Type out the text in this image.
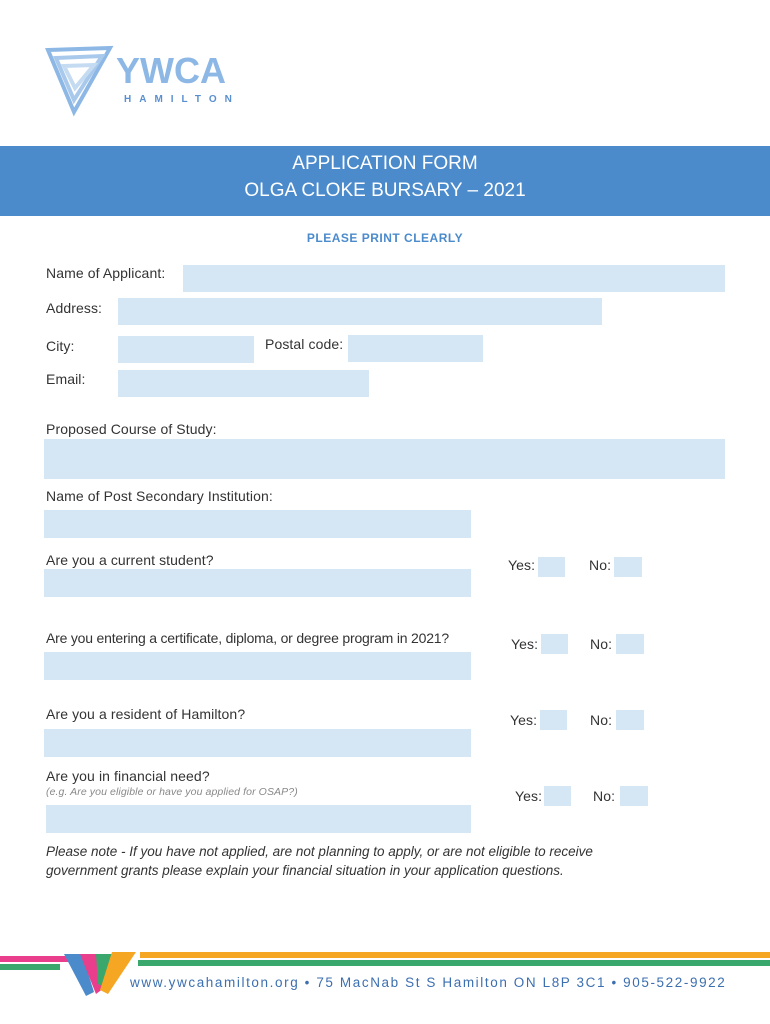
YWCA
HAMILTON
APPLICATION FORM
OLGA CLOKE BURSARY – 2021
PLEASE PRINT CLEARLY
Name of Applicant:
Address:
City:	Postal code:
Email:
Proposed Course of Study:
Name of Post Secondary Institution:
Are you a current student?	Yes:	No:
Are you entering a certificate, diploma, or degree program in 2021?	Yes:	No:
Are you a resident of Hamilton?	Yes:	No:
Are you in financial need?
(e.g. Are you eligible or have you applied for OSAP?)	Yes:	No:
Please note - If you have not applied, are not planning to apply, or are not eligible to receive government grants please explain your financial situation in your application questions.
www.ywcahamilton.org • 75 MacNab St S Hamilton ON L8P 3C1 • 905-522-9922
